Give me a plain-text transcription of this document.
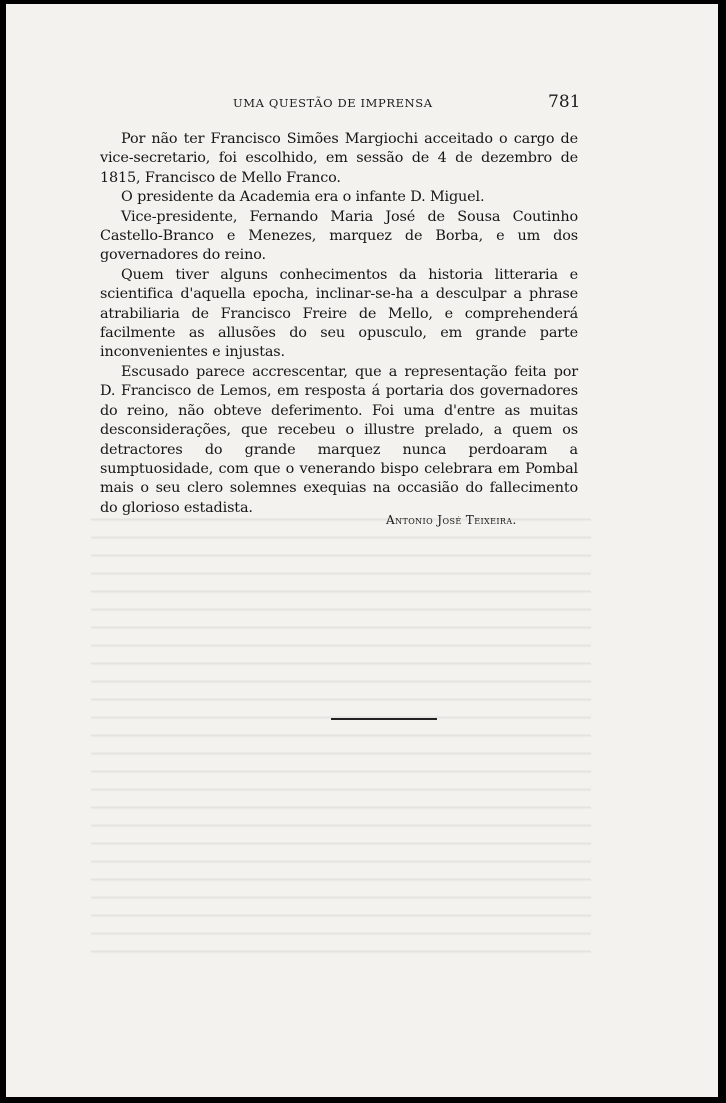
UMA QUESTÃO DE IMPRENSA	781

Por não ter Francisco Simões Margiochi acceitado o cargo de vice-secretario, foi escolhido, em sessão de 4 de dezembro de 1815, Francisco de Mello Franco.

O presidente da Academia era o infante D. Miguel.

Vice-presidente, Fernando Maria José de Sousa Coutinho Castello-Branco e Menezes, marquez de Borba, e um dos governadores do reino.

Quem tiver alguns conhecimentos da historia litteraria e scientifica d'aquella epocha, inclinar-se-ha a desculpar a phrase atrabiliaria de Francisco Freire de Mello, e comprehenderá facilmente as allusões do seu opusculo, em grande parte inconvenientes e injustas.

Escusado parece accrescentar, que a representação feita por D. Francisco de Lemos, em resposta á portaria dos governadores do reino, não obteve deferimento. Foi uma d'entre as muitas desconsiderações, que recebeu o illustre prelado, a quem os detractores do grande marquez nunca perdoaram a sumptuosidade, com que o venerando bispo celebrara em Pombal mais o seu clero solemnes exequias na occasião do fallecimento do glorioso estadista.

Antonio José Teixeira.
